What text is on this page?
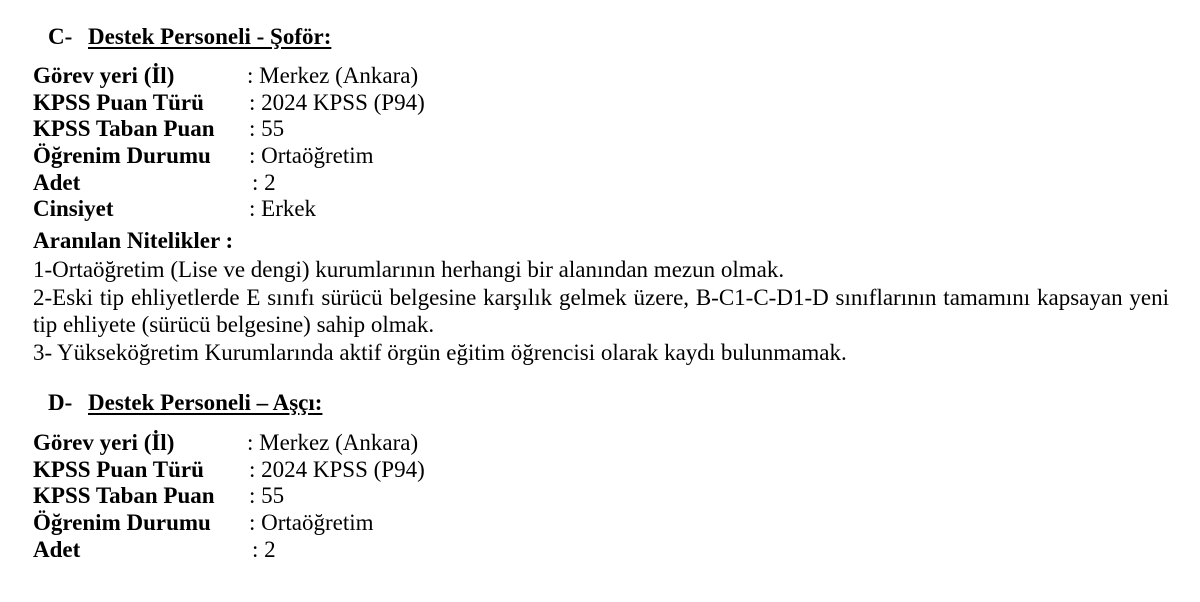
C- Destek Personeli - Şoför:
Görev yeri (İl)	: Merkez (Ankara)
KPSS Puan Türü : 2024 KPSS (P94)
KPSS Taban Puan : 55
Öğrenim Durumu : Ortaöğretim
Adet	: 2
Cinsiyet	: Erkek
Aranılan Nitelikler :
1-Ortaöğretim (Lise ve dengi) kurumlarının herhangi bir alanından mezun olmak.
2-Eski tip ehliyetlerde E sınıfı sürücü belgesine karşılık gelmek üzere, B-C1-C-D1-D sınıflarının tamamını kapsayan yeni tip ehliyete (sürücü belgesine) sahip olmak.
3- Yükseköğretim Kurumlarında aktif örgün eğitim öğrencisi olarak kaydı bulunmamak.
D- Destek Personeli – Aşçı:
Görev yeri (İl)	: Merkez (Ankara)
KPSS Puan Türü : 2024 KPSS (P94)
KPSS Taban Puan : 55
Öğrenim Durumu : Ortaöğretim
Adet	: 2
